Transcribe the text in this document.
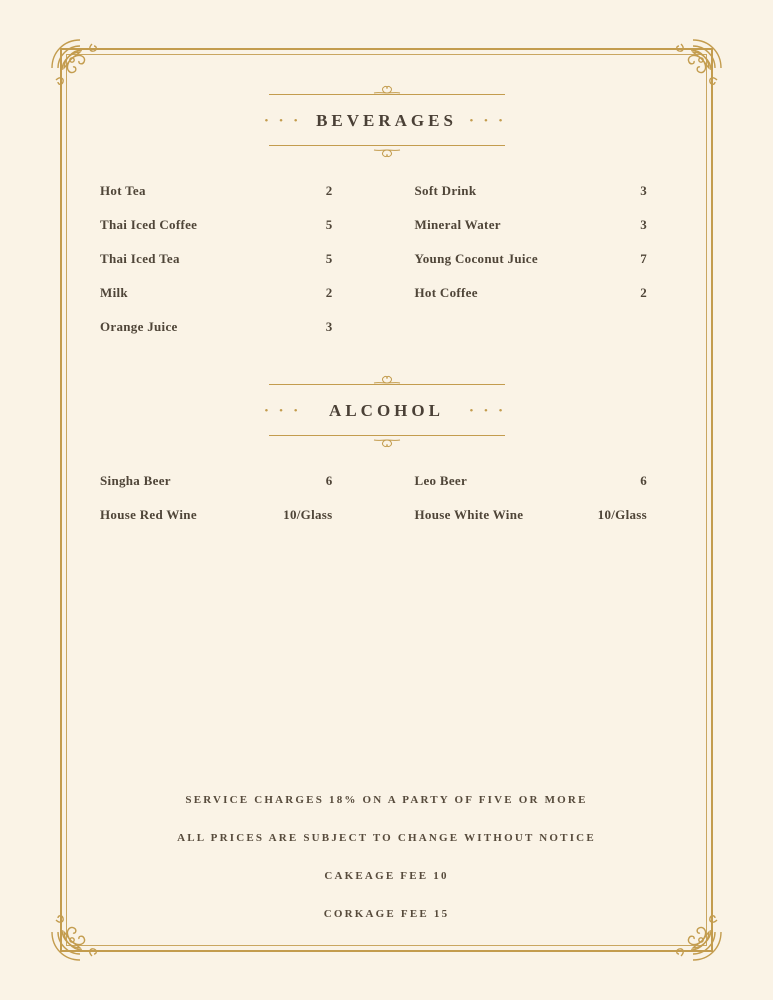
• • • BEVERAGES	• • •
Hot Tea	2
Thai Iced Coffee	5
Thai Iced Tea	5
Milk	2
Orange Juice	3
Soft Drink	3
Mineral Water	3
Young Coconut Juice	7
Hot Coffee	2
• • •	ALCOHOL	• • •
Singha Beer	6
House Red Wine	10/Glass
Leo Beer	6
House White Wine	10/Glass

SERVICE CHARGES 18% ON A PARTY OF FIVE OR MORE

ALL PRICES ARE SUBJECT TO CHANGE WITHOUT NOTICE

CAKEAGE FEE 10

CORKAGE FEE 15
